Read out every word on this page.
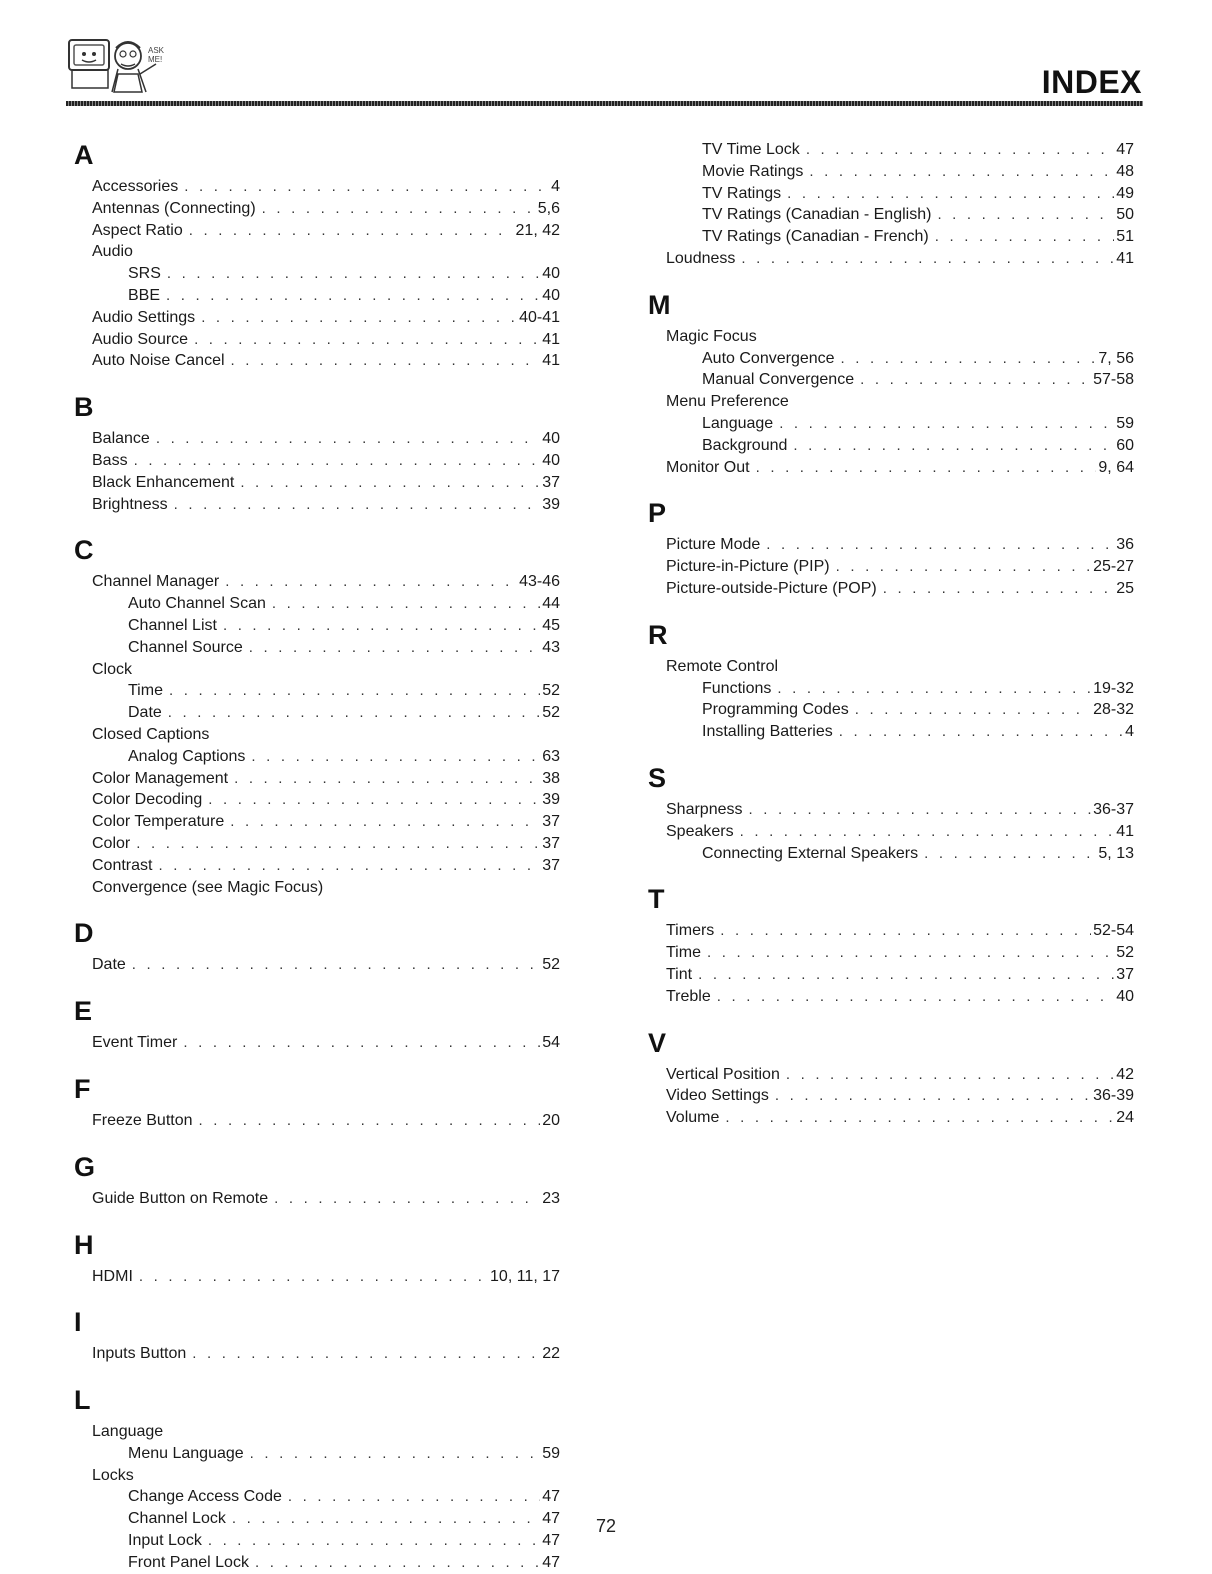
ASK ME!
INDEX
A
Accessories . . .	4
Antennas (Connecting) . . .	5,6
Aspect Ratio . . .	21, 42
Audio
SRS . . .	40
BBE . . .	40
Audio Settings . . .	40-41
Audio Source . . .	41
Auto Noise Cancel . . .	41
B
Balance . . .	40
Bass . . .	40
Black Enhancement . . .	37
Brightness . . .	39
C
Channel Manager . . .	43-46
Auto Channel Scan . . .	44
Channel List . . .	45
Channel Source . . .	43
Clock
Time . . .	52
Date . . .	52
Closed Captions
Analog Captions . . .	63
Color Management . . .	38
Color Decoding . . .	39
Color Temperature . . .	37
Color . . .	37
Contrast . . .	37
Convergence (see Magic Focus)
D
Date . . .	52
E
Event Timer . . .	54
F
Freeze Button . . .	20
G
Guide Button on Remote . . .	23
H
HDMI . . .	10, 11, 17
I
Inputs Button . . .	22
L
Language
Menu Language . . .	59
Locks
Change Access Code . . .	47
Channel Lock . . .	47
Input Lock . . .	47
Front Panel Lock . . .	47
TV Time Lock . . .	47
Movie Ratings . . .	48
TV Ratings . . .	49
TV Ratings (Canadian - English) . . .	50
TV Ratings (Canadian - French) . . .	51
Loudness . . .	41
M
Magic Focus
Auto Convergence . . .	7, 56
Manual Convergence . . .	57-58
Menu Preference
Language . . .	59
Background . . .	60
Monitor Out . . .	9, 64
P
Picture Mode . . .	36
Picture-in-Picture (PIP) . . .	25-27
Picture-outside-Picture (POP) . . .	25
R
Remote Control
Functions . . .	19-32
Programming Codes . . .	28-32
Installing Batteries . . .	4
S
Sharpness . . .	36-37
Speakers . . .	41
Connecting External Speakers . . .	5, 13
T
Timers . . .	52-54
Time . . .	52
Tint . . .	37
Treble . . .	40
V
Vertical Position . . .	42
Video Settings . . .	36-39
Volume . . .	24
72
